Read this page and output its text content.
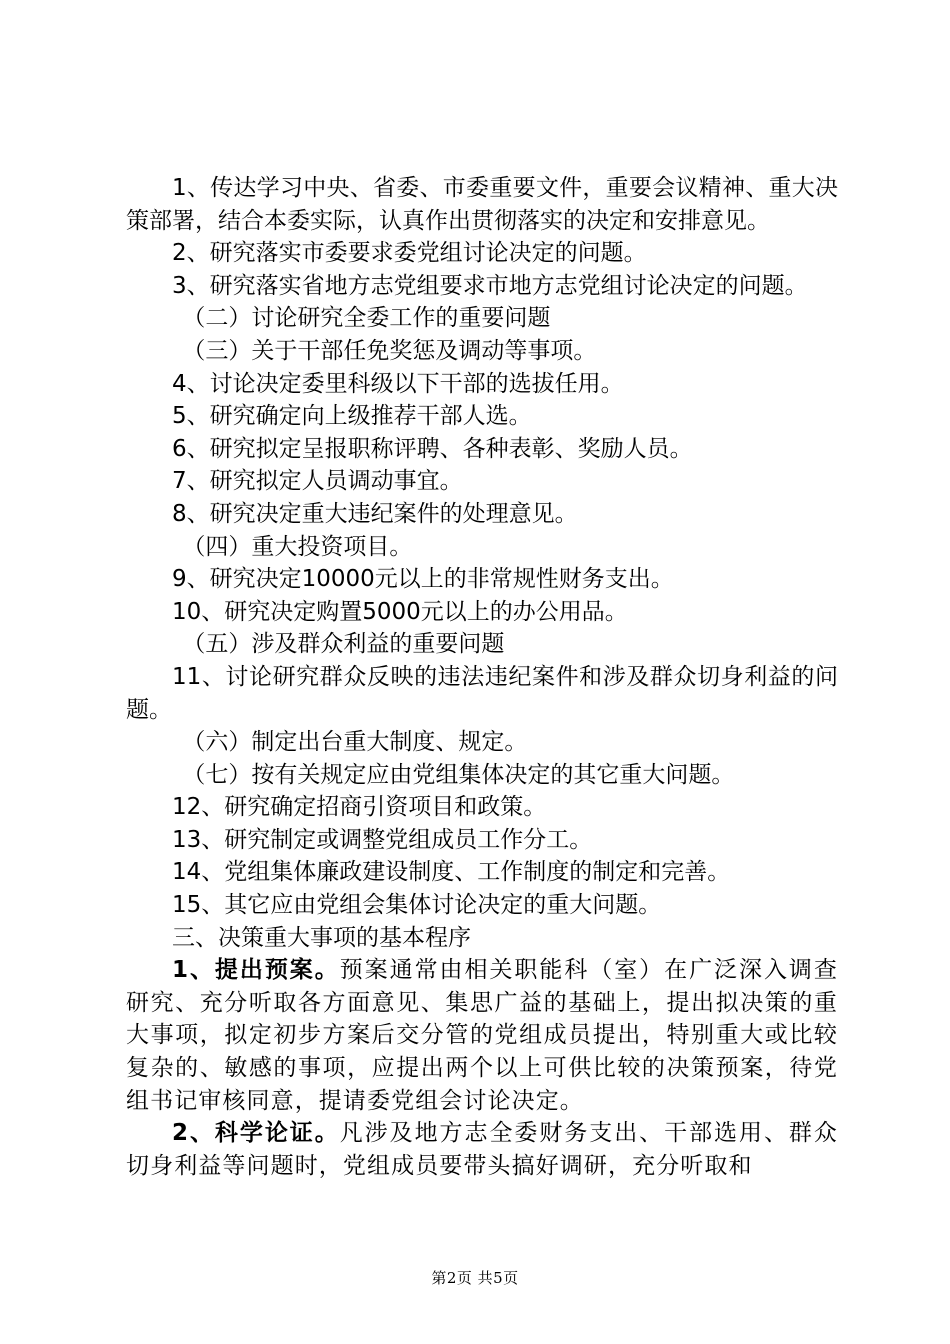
1、传达学习中央、省委、市委重要文件，重要会议精神、重大决策部署，结合本委实际，认真作出贯彻落实的决定和安排意见。

2、研究落实市委要求委党组讨论决定的问题。

3、研究落实省地方志党组要求市地方志党组讨论决定的问题。

（二）讨论研究全委工作的重要问题

（三）关于干部任免奖惩及调动等事项。

4、讨论决定委里科级以下干部的选拔任用。

5、研究确定向上级推荐干部人选。

6、研究拟定呈报职称评聘、各种表彰、奖励人员。

7、研究拟定人员调动事宜。

8、研究决定重大违纪案件的处理意见。

（四）重大投资项目。

9、研究决定10000元以上的非常规性财务支出。

10、研究决定购置5000元以上的办公用品。

（五）涉及群众利益的重要问题

11、讨论研究群众反映的违法违纪案件和涉及群众切身利益的问题。

（六）制定出台重大制度、规定。

（七）按有关规定应由党组集体决定的其它重大问题。

12、研究确定招商引资项目和政策。

13、研究制定或调整党组成员工作分工。

14、党组集体廉政建设制度、工作制度的制定和完善。

15、其它应由党组会集体讨论决定的重大问题。

三、决策重大事项的基本程序

1、提出预案。预案通常由相关职能科（室）在广泛深入调查研究、充分听取各方面意见、集思广益的基础上，提出拟决策的重大事项，拟定初步方案后交分管的党组成员提出，特别重大或比较复杂的、敏感的事项，应提出两个以上可供比较的决策预案，待党组书记审核同意，提请委党组会讨论决定。

2、科学论证。凡涉及地方志全委财务支出、干部选用、群众切身利益等问题时，党组成员要带头搞好调研，充分听取和

第2页 共5页
